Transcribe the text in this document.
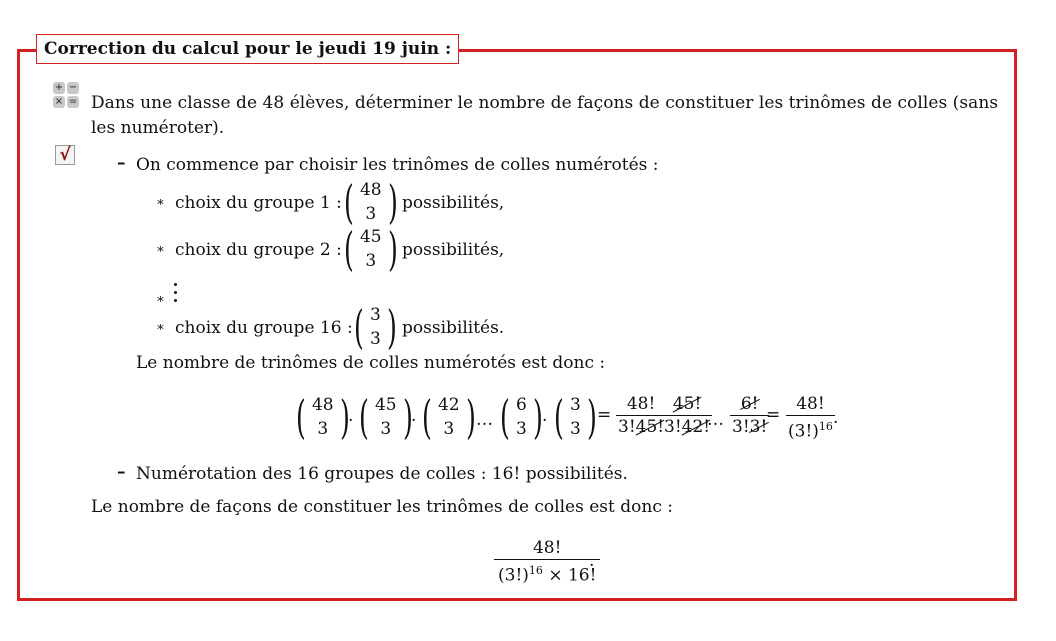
Correction du calcul pour le jeudi 19 juin :
+ −
× =
√
Dans une classe de 48 élèves, déterminer le nombre de façons de constituer les trinômes de colles (sans
les numéroter).
– On commence par choisir les trinômes de colles numérotés :
∗ choix du groupe 1 : ( 48
3 ) possibilités,
∗ choix du groupe 2 : ( 45
3 ) possibilités,
∗
∗ choix du groupe 16 : ( 3
3 ) possibilités.
Le nombre de trinômes de colles numérotés est donc :
( 48
3 )
. ( 45
3 )
. ( 42
3 ) … ( 6
3 ) . ( 3
3 ) = $\frac{48!}{3!45!}$
$\frac{45!}{3!42!}$
… $\frac{6!}{3!3!}$
= $\frac{48!}{(3!)^{16}}$
.
– Numérotation des 16 groupes de colles : 16! possibilités.
Le nombre de façons de constituer les trinômes de colles est donc :
$\frac{48!}{(3!)^{16} \times 16!}$
.
